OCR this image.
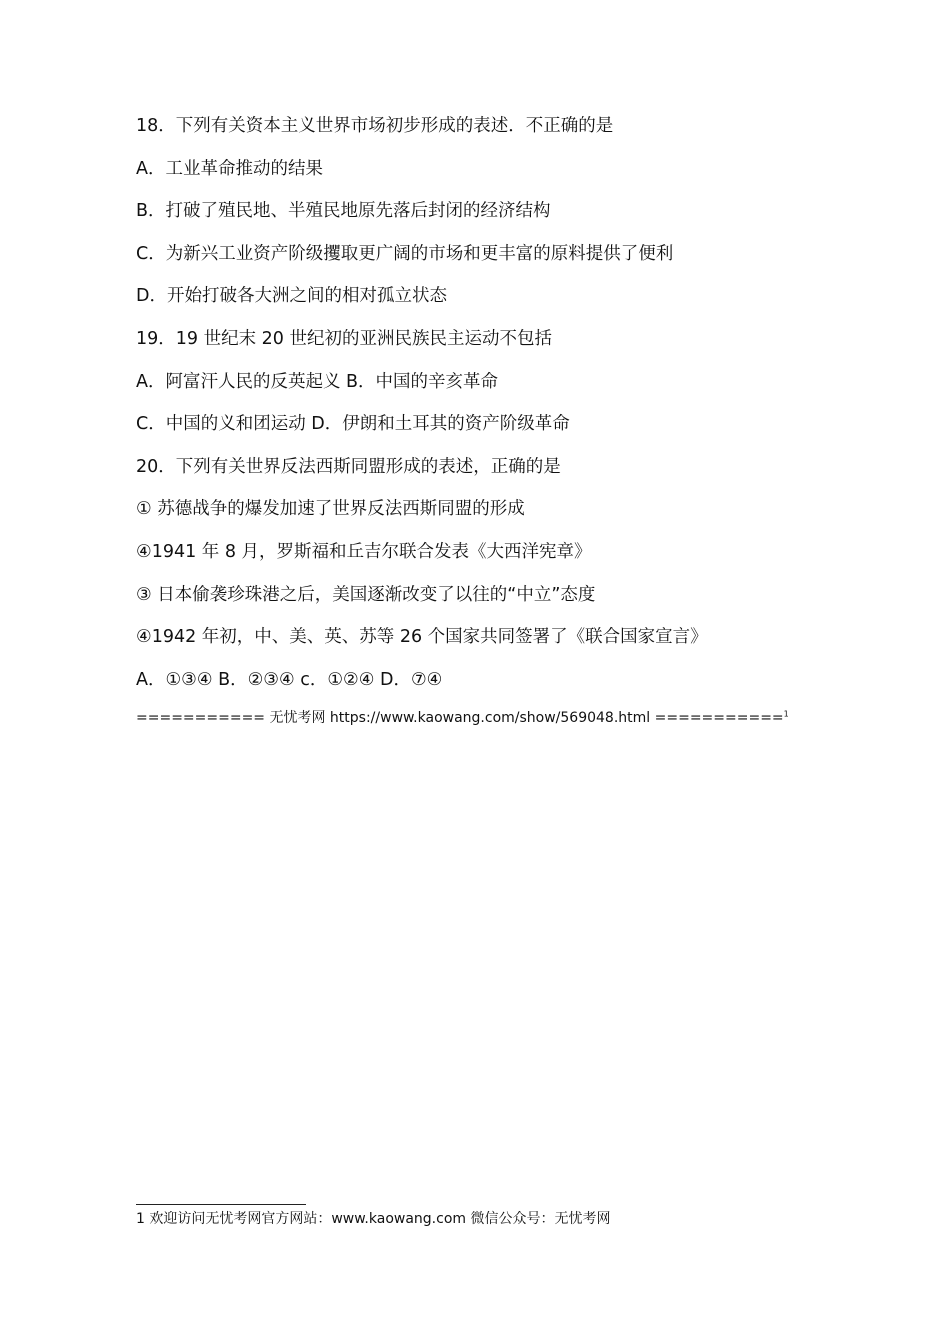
18．下列有关资本主义世界市场初步形成的表述．不正确的是
A．工业革命推动的结果
B．打破了殖民地、半殖民地原先落后封闭的经济结构
C．为新兴工业资产阶级攫取更广阔的市场和更丰富的原料提供了便利
D．开始打破各大洲之间的相对孤立状态
19．19 世纪末 20 世纪初的亚洲民族民主运动不包括
A．阿富汗人民的反英起义 B．中国的辛亥革命
C．中国的义和团运动 D．伊朗和土耳其的资产阶级革命
20．下列有关世界反法西斯同盟形成的表述，正确的是
① 苏德战争的爆发加速了世界反法西斯同盟的形成
④1941 年 8 月，罗斯福和丘吉尔联合发表《大西洋宪章》
③ 日本偷袭珍珠港之后，美国逐渐改变了以往的“中立”态度
④1942 年初，中、美、英、苏等 26 个国家共同签署了《联合国家宣言》
A．①③④ B．②③④ c．①②④ D．⑦④
=========== 无忧考网 https://www.kaowang.com/show/569048.html ===========$^1$
1 欢迎访问无忧考网官方网站：www.kaowang.com 微信公众号：无忧考网
